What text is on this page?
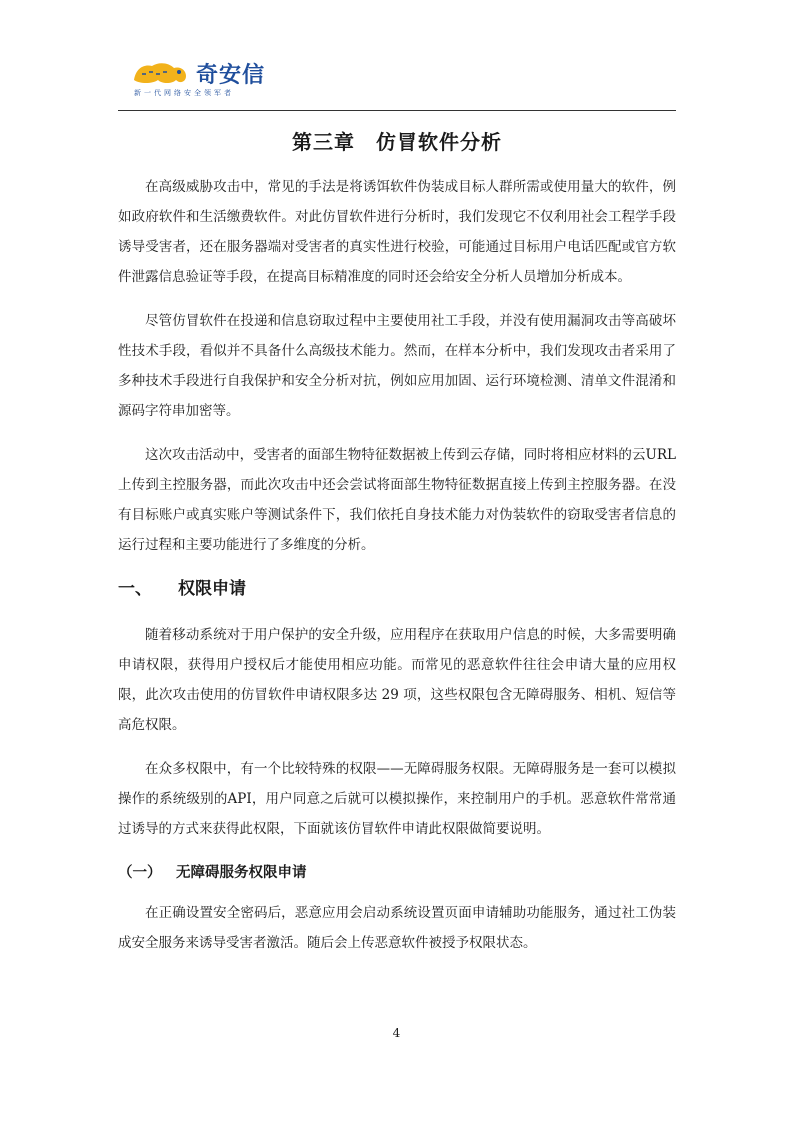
奇安信
新一代网络安全领军者
第三章　仿冒软件分析

在高级威胁攻击中，常见的手法是将诱饵软件伪装成目标人群所需或使用量大的软件，例如政府软件和生活缴费软件。对此仿冒软件进行分析时，我们发现它不仅利用社会工程学手段诱导受害者，还在服务器端对受害者的真实性进行校验，可能通过目标用户电话匹配或官方软件泄露信息验证等手段，在提高目标精准度的同时还会给安全分析人员增加分析成本。

尽管仿冒软件在投递和信息窃取过程中主要使用社工手段，并没有使用漏洞攻击等高破坏性技术手段，看似并不具备什么高级技术能力。然而，在样本分析中，我们发现攻击者采用了多种技术手段进行自我保护和安全分析对抗，例如应用加固、运行环境检测、清单文件混淆和源码字符串加密等。

这次攻击活动中，受害者的面部生物特征数据被上传到云存储，同时将相应材料的云URL 上传到主控服务器，而此次攻击中还会尝试将面部生物特征数据直接上传到主控服务器。在没有目标账户或真实账户等测试条件下，我们依托自身技术能力对伪装软件的窃取受害者信息的运行过程和主要功能进行了多维度的分析。

一、 权限申请

随着移动系统对于用户保护的安全升级，应用程序在获取用户信息的时候，大多需要明确申请权限，获得用户授权后才能使用相应功能。而常见的恶意软件往往会申请大量的应用权限，此次攻击使用的仿冒软件申请权限多达 29 项，这些权限包含无障碍服务、相机、短信等高危权限。

在众多权限中，有一个比较特殊的权限——无障碍服务权限。无障碍服务是一套可以模拟操作的系统级别的API，用户同意之后就可以模拟操作，来控制用户的手机。恶意软件常常通过诱导的方式来获得此权限，下面就该仿冒软件申请此权限做简要说明。

（一） 无障碍服务权限申请

在正确设置安全密码后，恶意应用会启动系统设置页面申请辅助功能服务，通过社工伪装成安全服务来诱导受害者激活。随后会上传恶意软件被授予权限状态。

4
